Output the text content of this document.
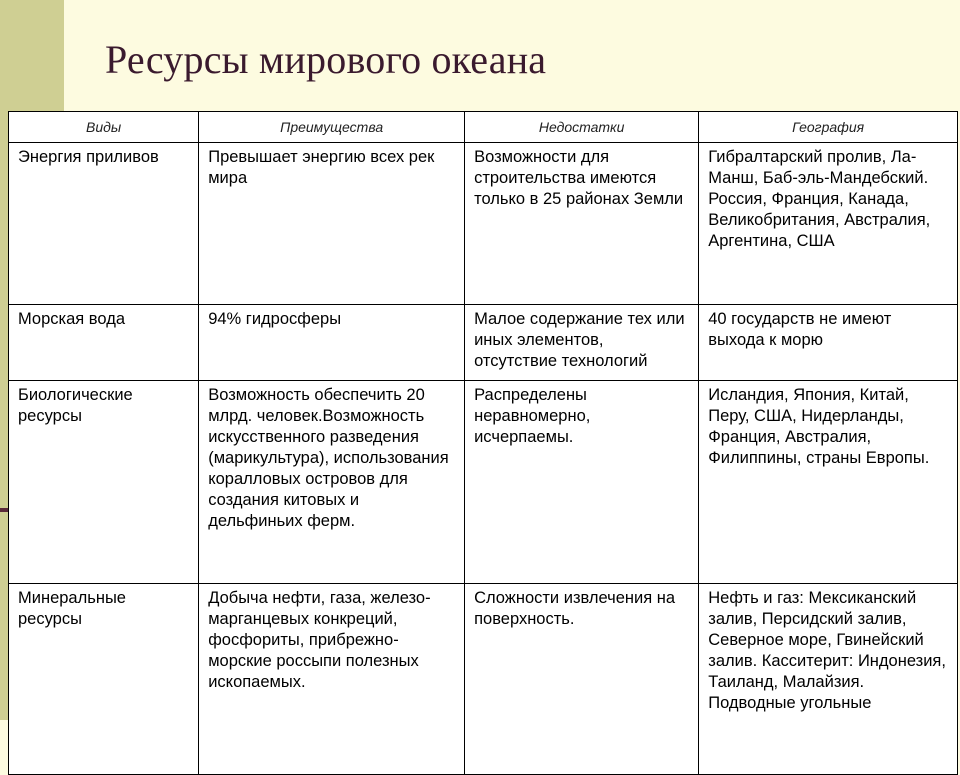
Ресурсы мирового океана
Виды	Преимущества	Недостатки	География
Энергия приливов	Превышает энергию всех рек мира	Возможности для строительства имеются только в 25 районах Земли	Гибралтарский пролив, Ла-Манш, Баб-эль-Мандебский. Россия, Франция, Канада, Великобритания, Австралия, Аргентина, США
Морская вода	94% гидросферы	Малое содержание тех или иных элементов, отсутствие технологий	40 государств не имеют выхода к морю
Биологические ресурсы	Возможность обеспечить 20 млрд. человек.Возможность искусственного разведения (марикультура), использования коралловых островов для создания китовых и дельфиньих ферм.	Распределены неравномерно, исчерпаемы.	Исландия, Япония, Китай, Перу, США, Нидерланды, Франция, Австралия, Филиппины, страны Европы.
Минеральные ресурсы	Добыча нефти, газа, железо-марганцевых конкреций, фосфориты, прибрежно-морские россыпи полезных ископаемых.	Сложности извлечения на поверхность.	Нефть и газ: Мексиканский залив, Персидский залив, Северное море, Гвинейский залив. Касситерит: Индонезия, Таиланд, Малайзия. Подводные угольные
